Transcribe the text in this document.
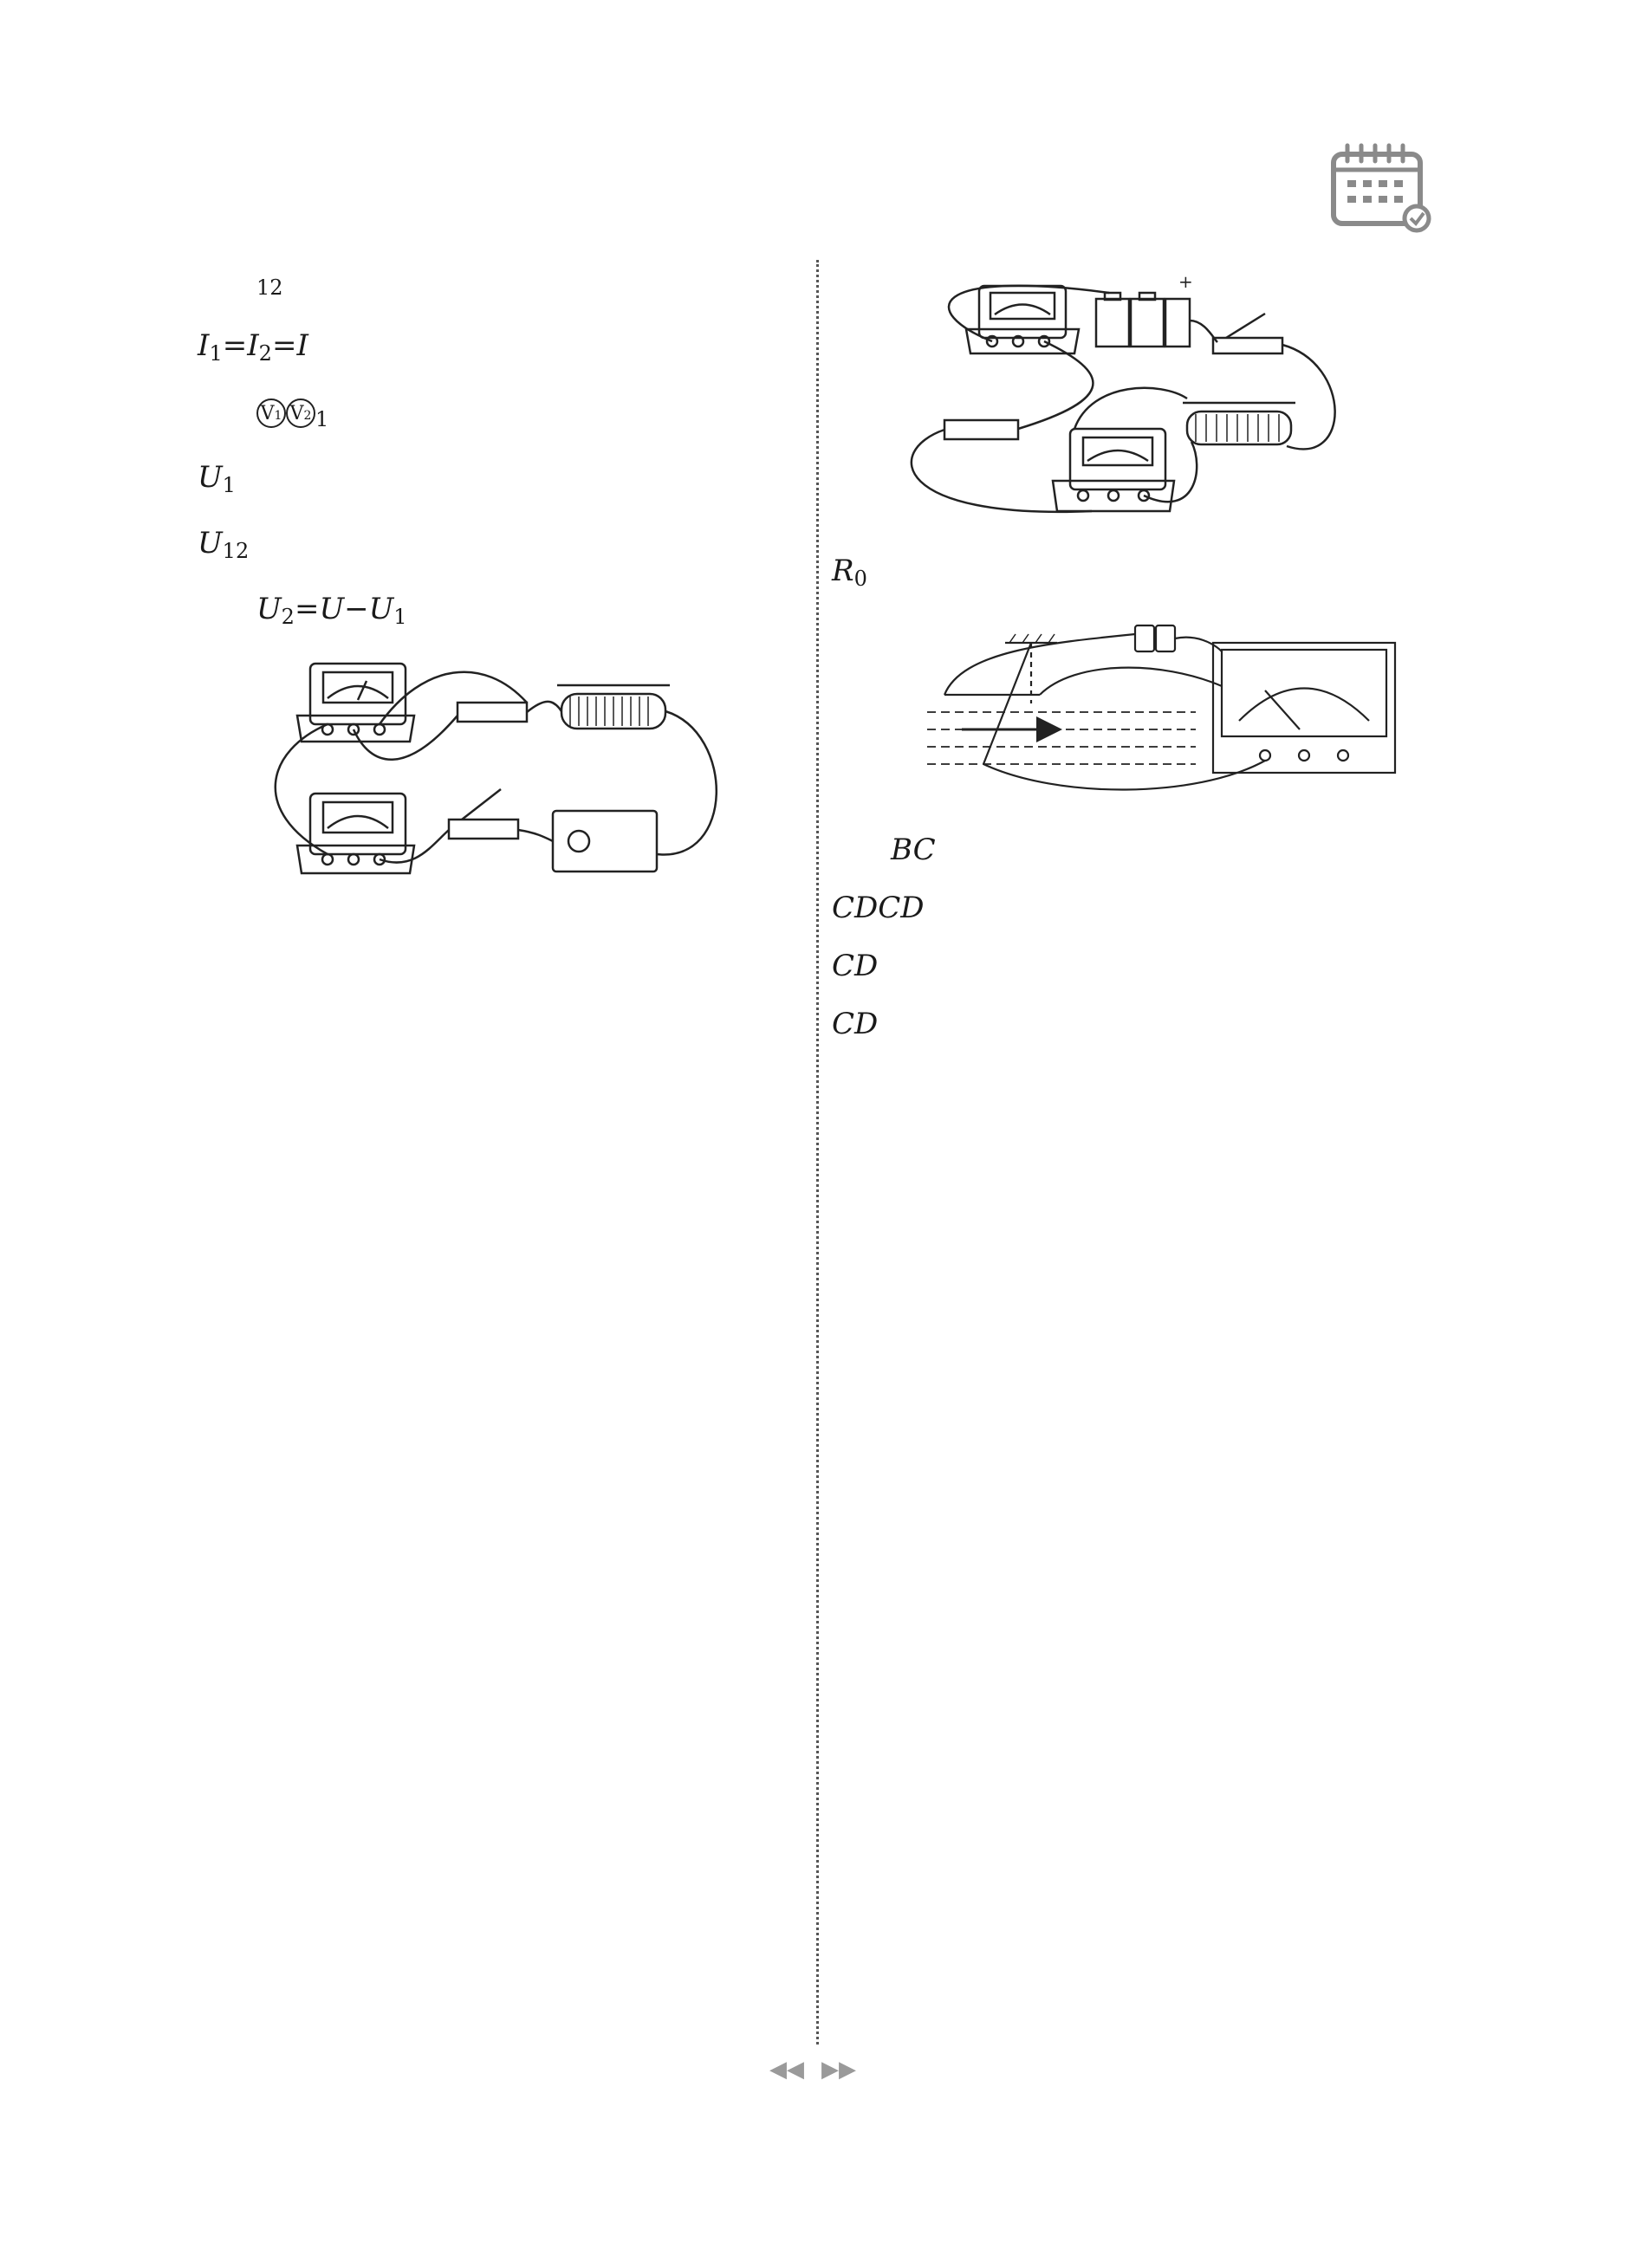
$_{12}$

$I_1=I_2=I$

V1 V2 $_1$

$U_1$

$U_{12}$

$U_2=U-U_1$

+

$R_0$

BC

CDCD

CD

CD

◀◀ ▶▶
